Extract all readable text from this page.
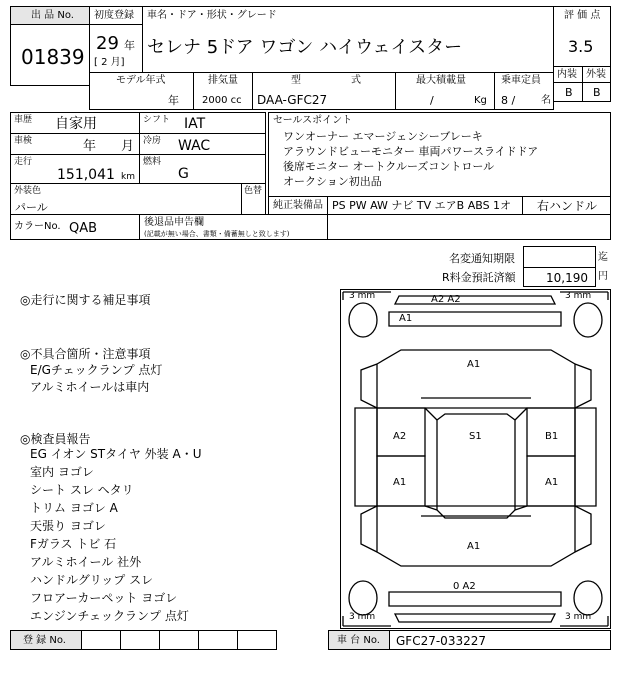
出 品 No.
01839
初度登録
29 年
[ 2 月]
車名・ドア・形状・グレード
セレナ 5ドア ワゴン ハイウェイスター
評 価 点
3.5
内装 外装
B B
モデル年式
年
排気量
2000 cc
型	式
DAA-GFC27
最大積載量
/	Kg
乗車定員
8 /	名
車歴 自家用	シフト IAT
車検	年 月 冷房 WAC
走行
151,041 km
燃料
G
外装色
パール
色替
カラーNo. QAB	後退品申告欄
(記載が無い場合、書類・備蓄無しと致します)
セールスポイント
ワンオーナー エマージェンシーブレーキ
アラウンドビューモニター 車両パワースライドドア
後席モニター オートクルーズコントロール
オークション初出品
純正装備品 PS PW AW ナビ TV エアB ABS 1オ 右ハンドル
名変通知期限	迄
R料金預託済額	10,190 円
◎走行に関する補足事項
◎不具合箇所・注意事項
E/Gチェックランプ 点灯
アルミホイールは車内
◎検査員報告
EG イオン STタイヤ 外装 A・U
室内 ヨゴレ
シート スレ ヘタリ
トリム ヨゴレ A
天張り ヨゴレ
Fガラス トビ 石
アルミホイール 社外
ハンドルグリップ スレ
フロアーカーペット ヨゴレ
エンジンチェックランプ 点灯
3 mm	3 mm
3 mm	3 mm
A2 A2
A1
A1
A2	S1	B1
A1	A1
A1
0 A2
登 録 No.	車 台 No. GFC27-033227
